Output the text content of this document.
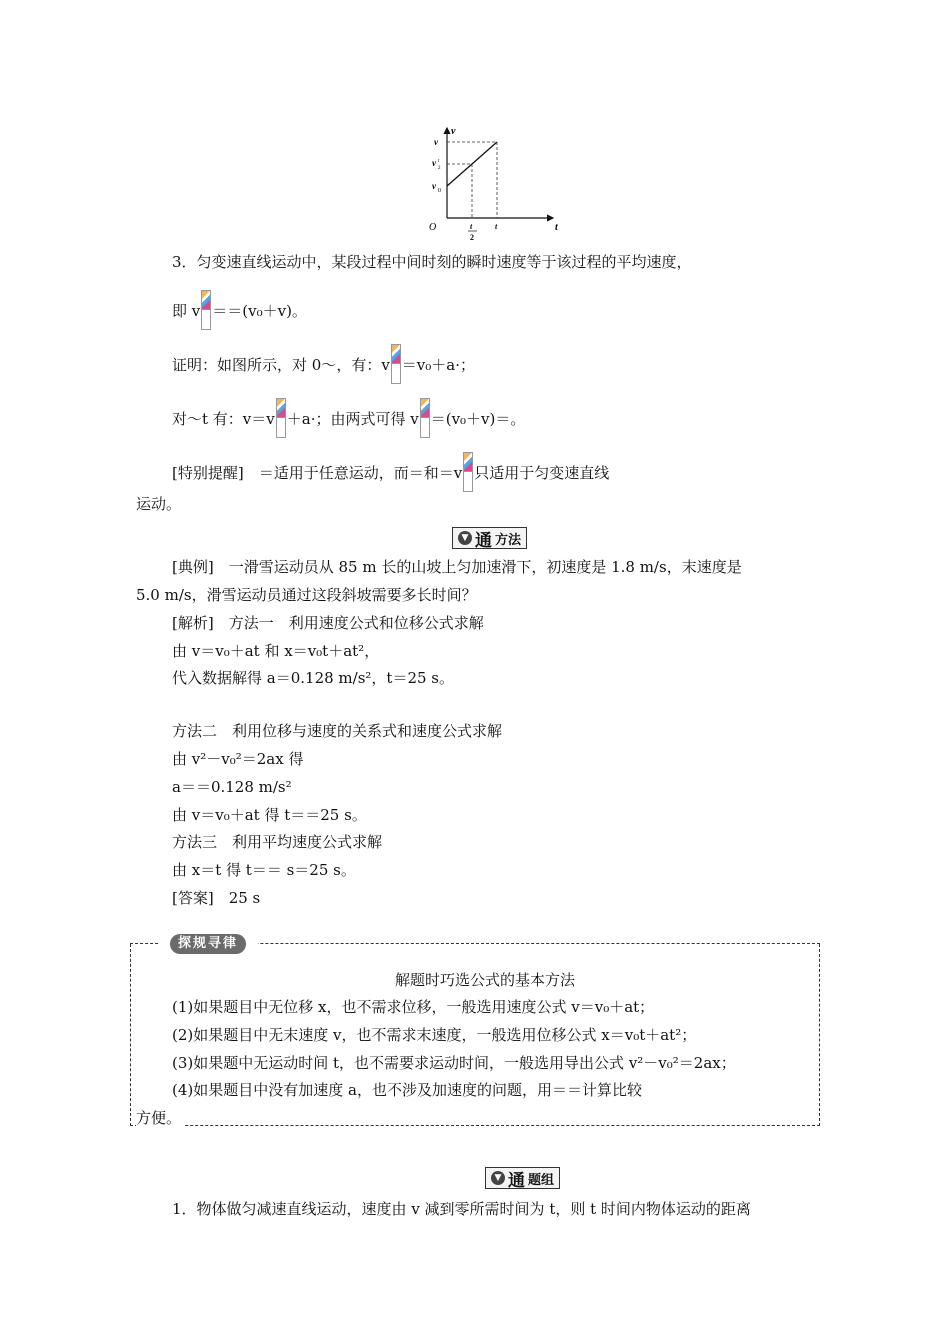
v
t
O
v
v t
2
v 0
t
2
t
3．匀变速直线运动中，某段过程中间时刻的瞬时速度等于该过程的平均速度，
即 v ＝＝(v₀＋v)。
证明：如图所示，对 0～，有：v ＝v₀＋a·；
对～t 有：v＝v ＋a·；由两式可得 v ＝(v₀＋v)＝。
[特别提醒]　＝适用于任意运动，而＝和＝v 只适用于匀变速直线
运动。
▼ 通 方法
[典例]　一滑雪运动员从 85 m 长的山坡上匀加速滑下，初速度是 1.8 m/s，末速度是
5.0 m/s，滑雪运动员通过这段斜坡需要多长时间？
[解析]　方法一　利用速度公式和位移公式求解
由 v＝v₀＋at 和 x＝v₀t＋at²，
代入数据解得 a＝0.128 m/s²，t＝25 s。
方法二　利用位移与速度的关系式和速度公式求解
由 v²－v₀²＝2ax 得
a＝＝0.128 m/s²
由 v＝v₀＋at 得 t＝＝25 s。
方法三　利用平均速度公式求解
由 x＝t 得 t＝＝ s＝25 s。
[答案]　25 s
探规寻律
解题时巧选公式的基本方法
(1)如果题目中无位移 x，也不需求位移，一般选用速度公式 v＝v₀＋at；
(2)如果题目中无末速度 v，也不需求末速度，一般选用位移公式 x＝v₀t＋at²；
(3)如果题中无运动时间 t，也不需要求运动时间，一般选用导出公式 v²－v₀²＝2ax；
(4)如果题目中没有加速度 a，也不涉及加速度的问题，用＝＝计算比较
方便。
▼ 通 题组
1．物体做匀减速直线运动，速度由 v 减到零所需时间为 t，则 t 时间内物体运动的距离
